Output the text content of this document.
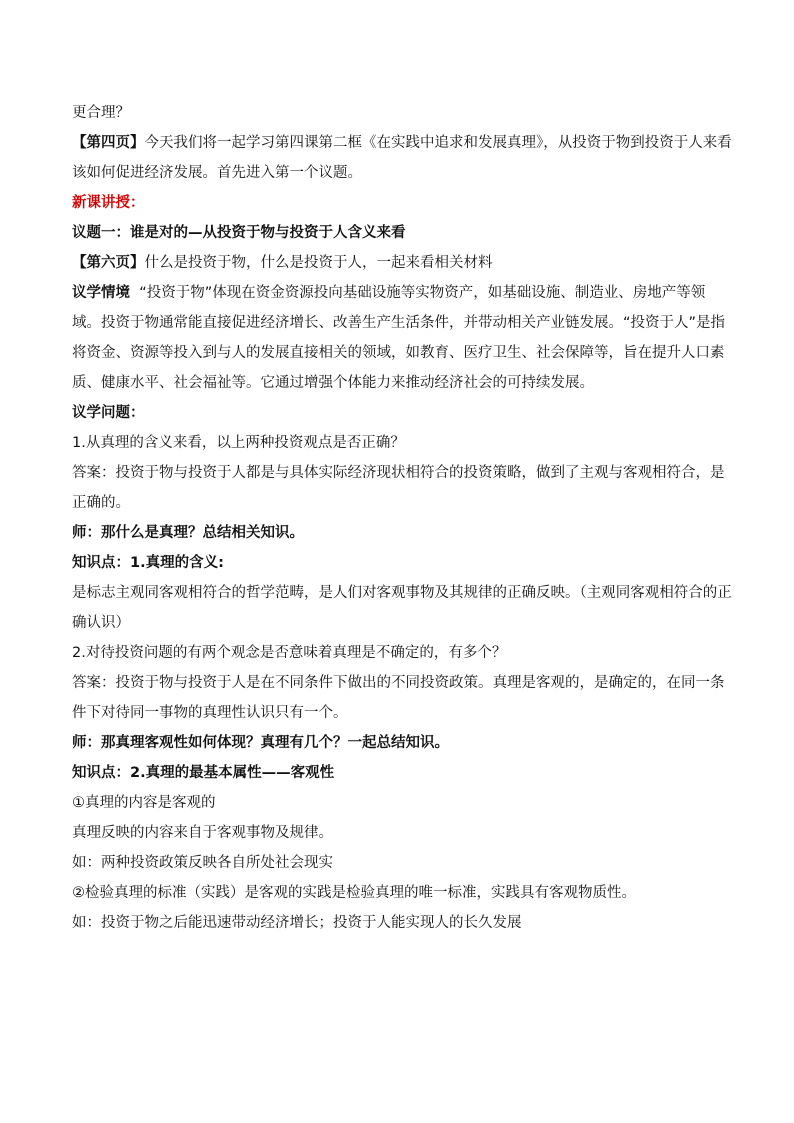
更合理？

【第四页】今天我们将一起学习第四课第二框《在实践中追求和发展真理》，从投资于物到投资于人来看该如何促进经济发展。首先进入第一个议题。

新课讲授：

议题一：谁是对的—从投资于物与投资于人含义来看

【第六页】什么是投资于物，什么是投资于人，一起来看相关材料

议学情境 “投资于物”体现在资金资源投向基础设施等实物资产，如基础设施、制造业、房地产等领域。投资于物通常能直接促进经济增长、改善生产生活条件，并带动相关产业链发展。“投资于人”是指将资金、资源等投入到与人的发展直接相关的领域，如教育、医疗卫生、社会保障等，旨在提升人口素质、健康水平、社会福祉等。它通过增强个体能力来推动经济社会的可持续发展。

议学问题：

1.从真理的含义来看，以上两种投资观点是否正确？

答案：投资于物与投资于人都是与具体实际经济现状相符合的投资策略，做到了主观与客观相符合，是正确的。

师：那什么是真理？总结相关知识。

知识点：1.真理的含义:

是标志主观同客观相符合的哲学范畴，是人们对客观事物及其规律的正确反映。（主观同客观相符合的正确认识）

2.对待投资问题的有两个观念是否意味着真理是不确定的，有多个？

答案：投资于物与投资于人是在不同条件下做出的不同投资政策。真理是客观的，是确定的，在同一条件下对待同一事物的真理性认识只有一个。

师：那真理客观性如何体现？真理有几个？一起总结知识。

知识点：2.真理的最基本属性——客观性

①真理的内容是客观的

真理反映的内容来自于客观事物及规律。

如：两种投资政策反映各自所处社会现实

②检验真理的标准（实践）是客观的实践是检验真理的唯一标准，实践具有客观物质性。

如：投资于物之后能迅速带动经济增长；投资于人能实现人的长久发展
